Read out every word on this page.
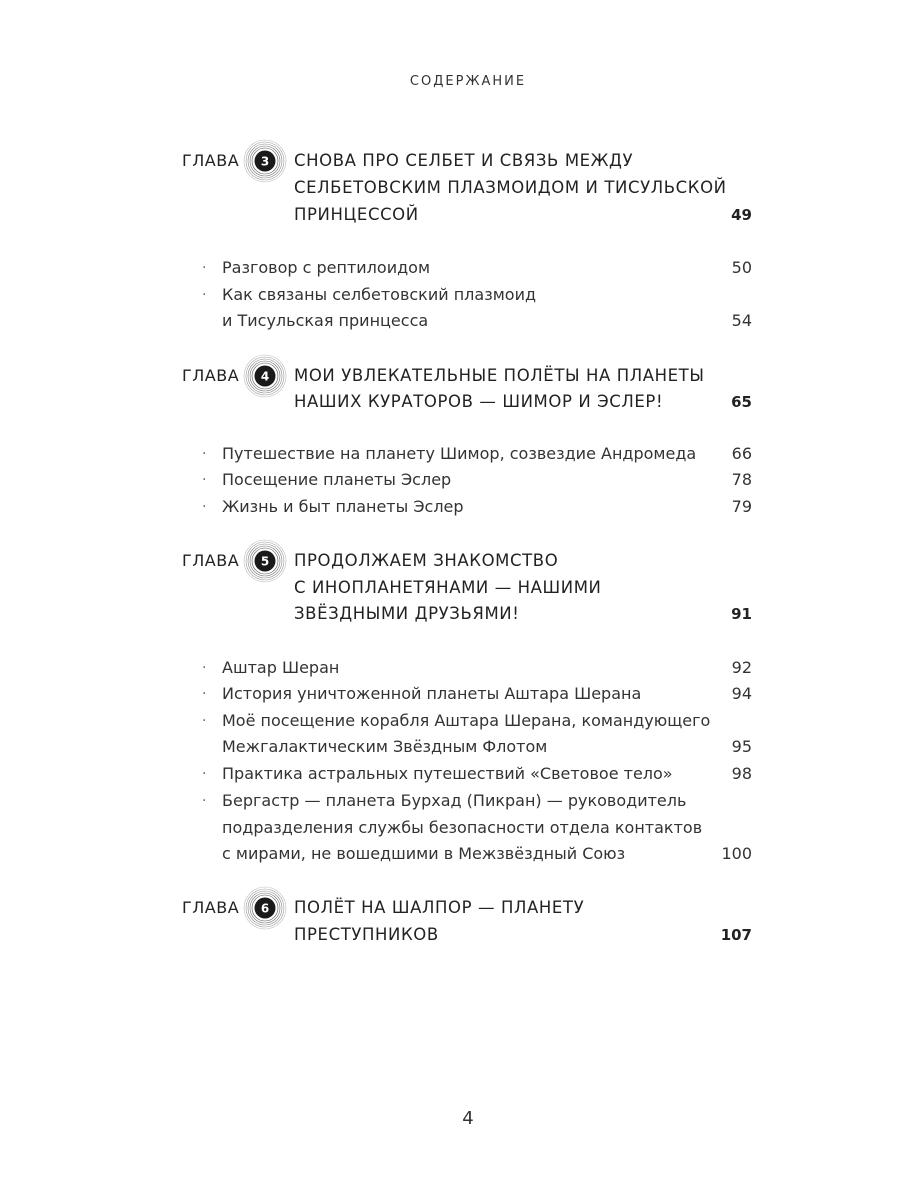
СОДЕРЖАНИЕ
ГЛАВА 3 СНОВА ПРО СЕЛБЕТ И СВЯЗЬ МЕЖДУ
СЕЛБЕТОВСКИМ ПЛАЗМОИДОМ И ТИСУЛЬСКОЙ
ПРИНЦЕССОЙ	49
· Разговор с рептилоидом	50
· Как связаны селбетовский плазмоид
и Тисульская принцесса	54
ГЛАВА 4 МОИ УВЛЕКАТЕЛЬНЫЕ ПОЛЁТЫ НА ПЛАНЕТЫ
НАШИХ КУРАТОРОВ — ШИМОР И ЭСЛЕР!	65
· Путешествие на планету Шимор, созвездие Андромеда 66
· Посещение планеты Эслер	78
· Жизнь и быт планеты Эслер	79
ГЛАВА 5 ПРОДОЛЖАЕМ ЗНАКОМСТВО
С ИНОПЛАНЕТЯНАМИ — НАШИМИ
ЗВЁЗДНЫМИ ДРУЗЬЯМИ!	91
· Аштар Шеран	92
· История уничтоженной планеты Аштара Шерана	94
· Моё посещение корабля Аштара Шерана, командующего
Межгалактическим Звёздным Флотом	95
· Практика астральных путешествий «Световое тело»	98
· Бергастр — планета Бурхад (Пикран) — руководитель
подразделения службы безопасности отдела контактов
с мирами, не вошедшими в Межзвёздный Союз	100
ГЛАВА 6 ПОЛЁТ НА ШАЛПОР — ПЛАНЕТУ
ПРЕСТУПНИКОВ	107
4
